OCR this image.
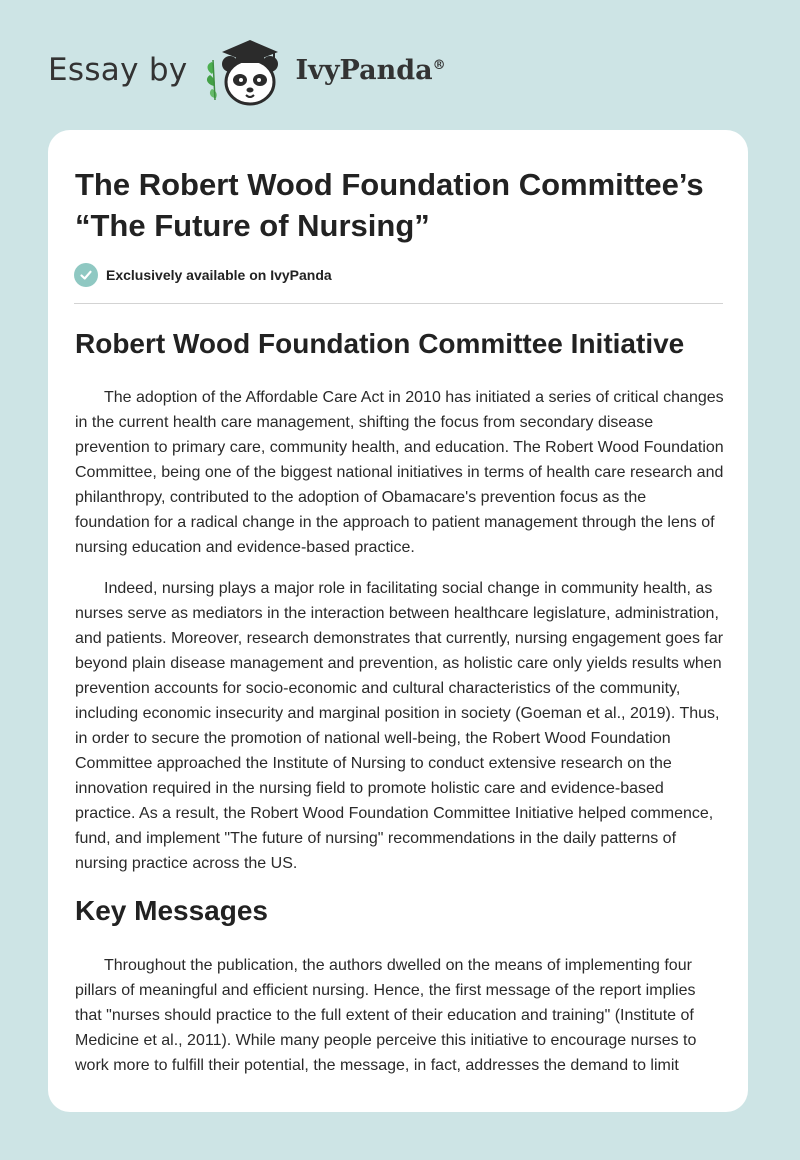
Essay by	IvyPanda®
The Robert Wood Foundation Committee’s “The Future of Nursing”
Exclusively available on IvyPanda
Robert Wood Foundation Committee Initiative

The adoption of the Affordable Care Act in 2010 has initiated a series of critical changes in the current health care management, shifting the focus from secondary disease prevention to primary care, community health, and education. The Robert Wood Foundation Committee, being one of the biggest national initiatives in terms of health care research and philanthropy, contributed to the adoption of Obamacare's prevention focus as the foundation for a radical change in the approach to patient management through the lens of nursing education and evidence-based practice.

Indeed, nursing plays a major role in facilitating social change in community health, as nurses serve as mediators in the interaction between healthcare legislature, administration, and patients. Moreover, research demonstrates that currently, nursing engagement goes far beyond plain disease management and prevention, as holistic care only yields results when prevention accounts for socio-economic and cultural characteristics of the community, including economic insecurity and marginal position in society (Goeman et al., 2019). Thus, in order to secure the promotion of national well-being, the Robert Wood Foundation Committee approached the Institute of Nursing to conduct extensive research on the innovation required in the nursing field to promote holistic care and evidence-based practice. As a result, the Robert Wood Foundation Committee Initiative helped commence, fund, and implement "The future of nursing" recommendations in the daily patterns of nursing practice across the US.

Key Messages

Throughout the publication, the authors dwelled on the means of implementing four pillars of meaningful and efficient nursing. Hence, the first message of the report implies that "nurses should practice to the full extent of their education and training" (Institute of Medicine et al., 2011). While many people perceive this initiative to encourage nurses to work more to fulfill their potential, the message, in fact, addresses the demand to limit
